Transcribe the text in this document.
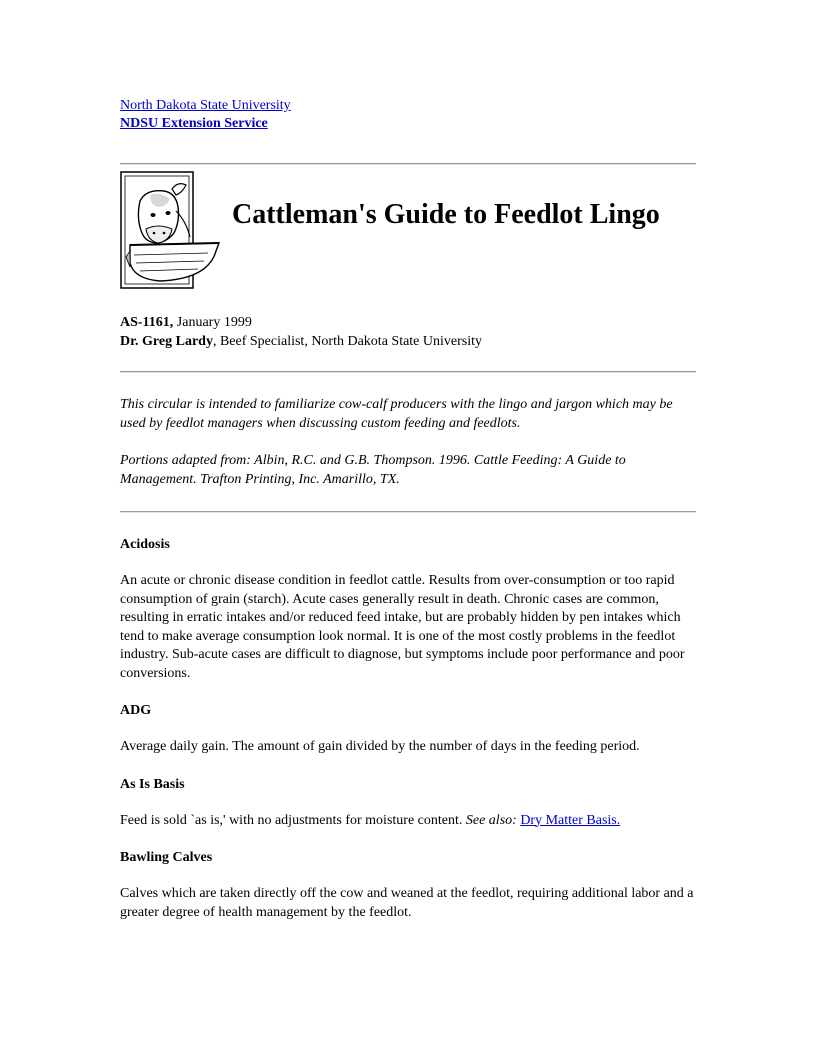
North Dakota State University
NDSU Extension Service
Cattleman's Guide to Feedlot Lingo
AS-1161, January 1999
Dr. Greg Lardy, Beef Specialist, North Dakota State University

This circular is intended to familiarize cow-calf producers with the lingo and jargon which may be used by feedlot managers when discussing custom feeding and feedlots.

Portions adapted from: Albin, R.C. and G.B. Thompson. 1996. Cattle Feeding: A Guide to Management. Trafton Printing, Inc. Amarillo, TX.

Acidosis

An acute or chronic disease condition in feedlot cattle. Results from over-consumption or too rapid consumption of grain (starch). Acute cases generally result in death. Chronic cases are common, resulting in erratic intakes and/or reduced feed intake, but are probably hidden by pen intakes which tend to make average consumption look normal. It is one of the most costly problems in the feedlot industry. Sub-acute cases are difficult to diagnose, but symptoms include poor performance and poor conversions.

ADG

Average daily gain. The amount of gain divided by the number of days in the feeding period.

As Is Basis

Feed is sold `as is,' with no adjustments for moisture content. See also: Dry Matter Basis.

Bawling Calves

Calves which are taken directly off the cow and weaned at the feedlot, requiring additional labor and a greater degree of health management by the feedlot.
